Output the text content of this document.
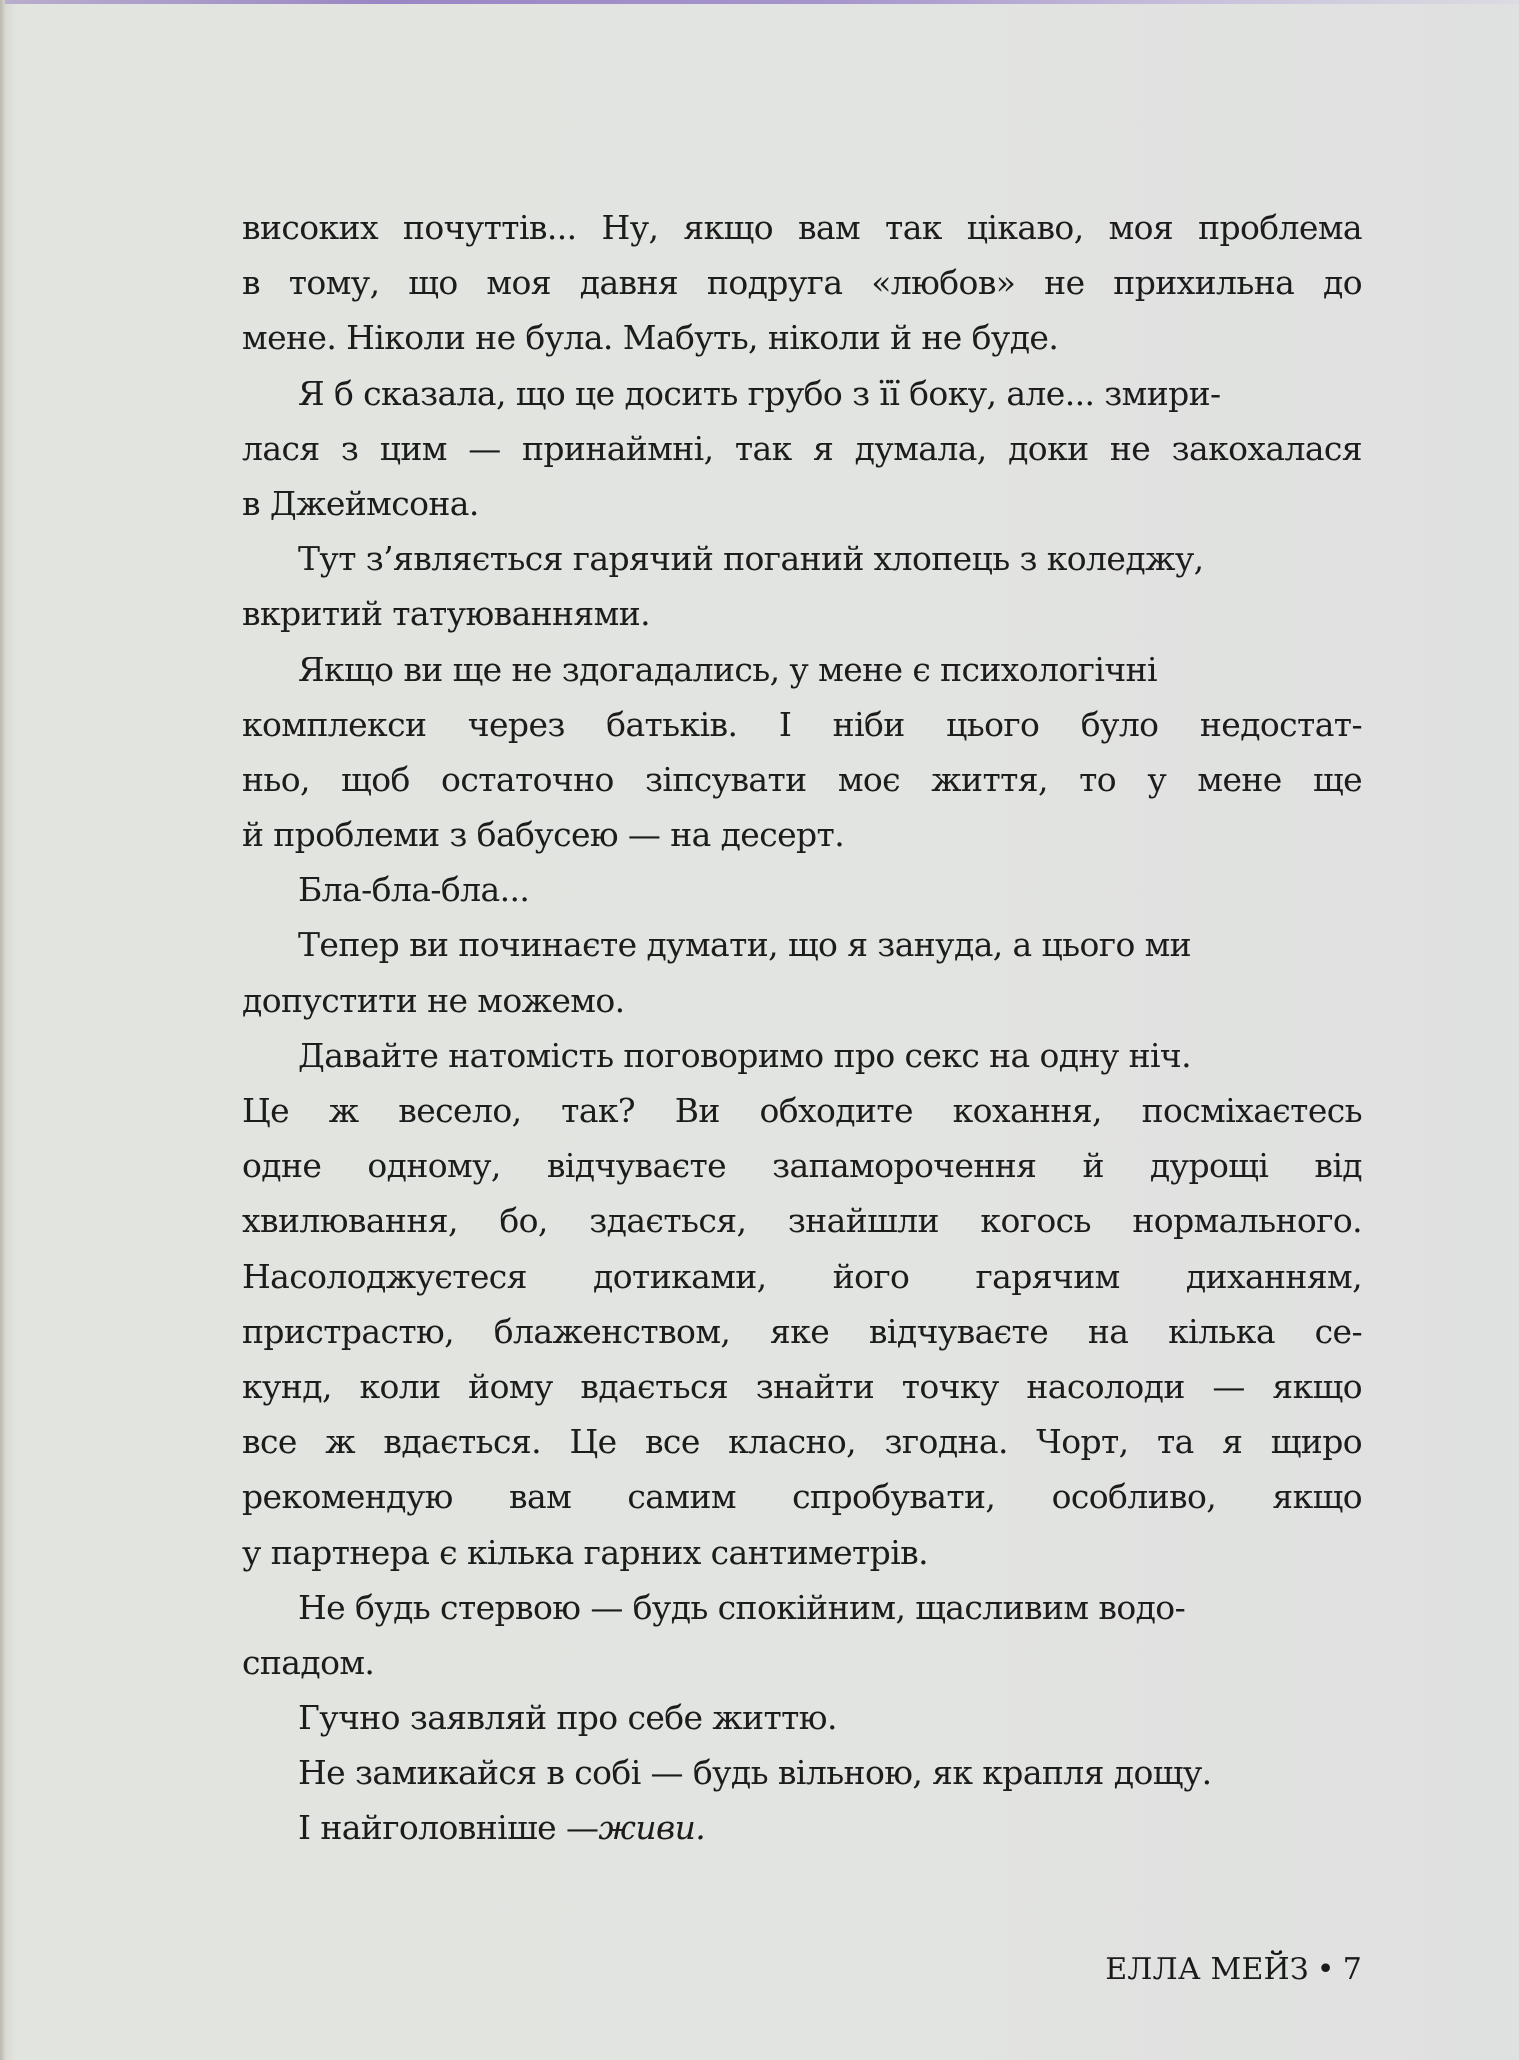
високих почуттів... Ну, якщо вам так цікаво, моя проблема
в тому, що моя давня подруга «любов» не прихильна до
мене. Ніколи не була. Мабуть, ніколи й не буде.
Я б сказала, що це досить грубо з її боку, але... змири-
лася з цим — принаймні, так я думала, доки не закохалася
в Джеймсона.
Тут з’являється гарячий поганий хлопець з коледжу,
вкритий татуюваннями.
Якщо ви ще не здогадались, у мене є психологічні
комплекси через батьків. І ніби цього було недостат-
ньо, щоб остаточно зіпсувати моє життя, то у мене ще
й проблеми з бабусею — на десерт.
Бла-бла-бла...
Тепер ви починаєте думати, що я зануда, а цього ми
допустити не можемо.
Давайте натомість поговоримо про секс на одну ніч.
Це ж весело, так? Ви обходите кохання, посміхаєтесь
одне одному, відчуваєте запаморочення й дурощі від
хвилювання, бо, здається, знайшли когось нормального.
Насолоджуєтеся дотиками, його гарячим диханням,
пристрастю, блаженством, яке відчуваєте на кілька се-
кунд, коли йому вдається знайти точку насолоди — якщо
все ж вдається. Це все класно, згодна. Чорт, та я щиро
рекомендую вам самим спробувати, особливо, якщо
у партнера є кілька гарних сантиметрів.
Не будь стервою — будь спокійним, щасливим водо-
спадом.
Гучно заявляй про себе життю.
Не замикайся в собі — будь вільною, як крапля дощу.
І найголовніше —живи.
ЕЛЛА МЕЙЗ • 7
